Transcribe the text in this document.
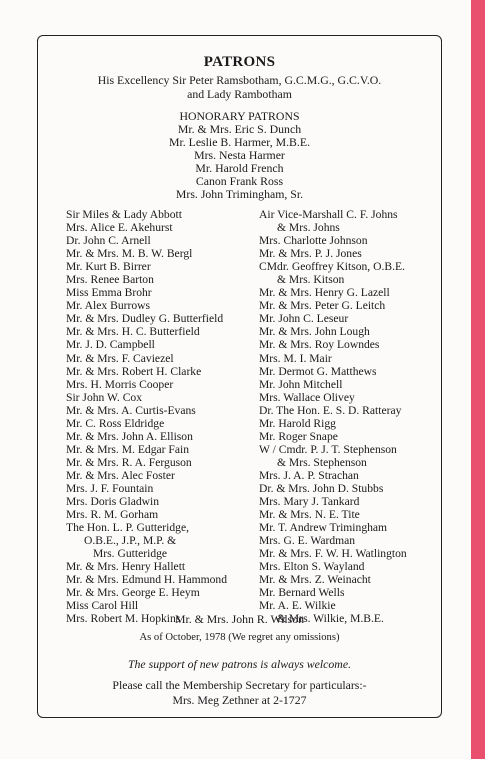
PATRONS
His Excellency Sir Peter Ramsbotham, G.C.M.G., G.C.V.O.
and Lady Rambotham
HONORARY PATRONS
Mr. & Mrs. Eric S. Dunch
Mr. Leslie B. Harmer, M.B.E.
Mrs. Nesta Harmer
Mr. Harold French
Canon Frank Ross
Mrs. John Trimingham, Sr.
Sir Miles & Lady Abbott
Mrs. Alice E. Akehurst
Dr. John C. Arnell
Mr. & Mrs. M. B. W. Bergl
Mr. Kurt B. Birrer
Mrs. Renee Barton
Miss Emma Brohr
Mr. Alex Burrows
Mr. & Mrs. Dudley G. Butterfield
Mr. & Mrs. H. C. Butterfield
Mr. J. D. Campbell
Mr. & Mrs. F. Caviezel
Mr. & Mrs. Robert H. Clarke
Mrs. H. Morris Cooper
Sir John W. Cox
Mr. & Mrs. A. Curtis-Evans
Mr. C. Ross Eldridge
Mr. & Mrs. John A. Ellison
Mr. & Mrs. M. Edgar Fain
Mr. & Mrs. R. A. Ferguson
Mr. & Mrs. Alec Foster
Mrs. J. F. Fountain
Mrs. Doris Gladwin
Mrs. R. M. Gorham
The Hon. L. P. Gutteridge,
O.B.E., J.P., M.P. &
Mrs. Gutteridge
Mr. & Mrs. Henry Hallett
Mr. & Mrs. Edmund H. Hammond
Mr. & Mrs. George E. Heym
Miss Carol Hill
Mrs. Robert M. Hopkins
Air Vice-Marshall C. F. Johns
& Mrs. Johns
Mrs. Charlotte Johnson
Mr. & Mrs. P. J. Jones
CMdr. Geoffrey Kitson, O.B.E.
& Mrs. Kitson
Mr. & Mrs. Henry G. Lazell
Mr. & Mrs. Peter G. Leitch
Mr. John C. Leseur
Mr. & Mrs. John Lough
Mr. & Mrs. Roy Lowndes
Mrs. M. I. Mair
Mr. Dermot G. Matthews
Mr. John Mitchell
Mrs. Wallace Olivey
Dr. The Hon. E. S. D. Ratteray
Mr. Harold Rigg
Mr. Roger Snape
W / Cmdr. P. J. T. Stephenson
& Mrs. Stephenson
Mrs. J. A. P. Strachan
Dr. & Mrs. John D. Stubbs
Mrs. Mary J. Tankard
Mr. & Mrs. N. E. Tite
Mr. T. Andrew Trimingham
Mrs. G. E. Wardman
Mr. & Mrs. F. W. H. Watlington
Mrs. Elton S. Wayland
Mr. & Mrs. Z. Weinacht
Mr. Bernard Wells
Mr. A. E. Wilkie
& Mrs. Wilkie, M.B.E.
Mr. & Mrs. John R. Wilson
As of October, 1978 (We regret any omissions)
The support of new patrons is always welcome.
Please call the Membership Secretary for particulars:-
Mrs. Meg Zethner at 2-1727
